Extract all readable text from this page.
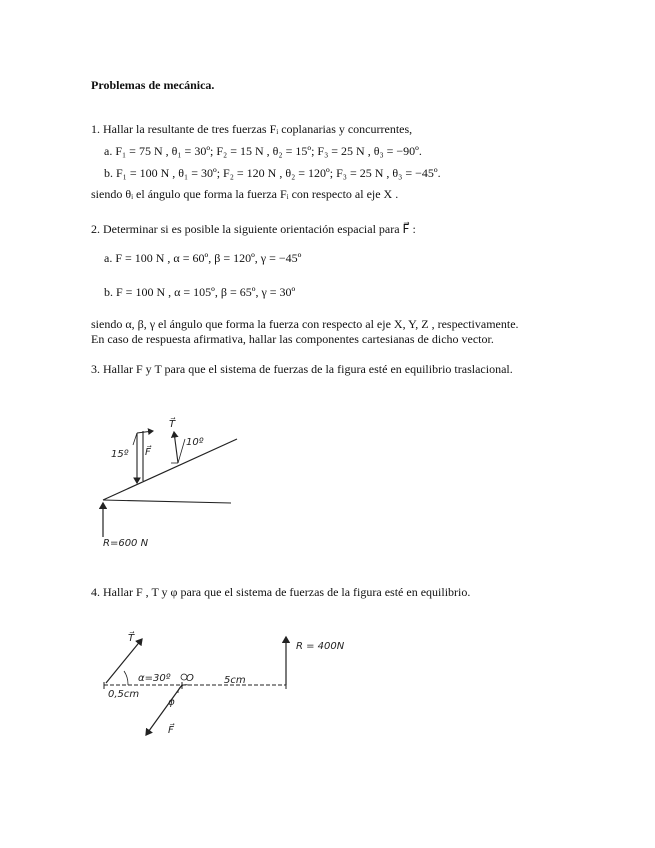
Problemas de mecánica.
1. Hallar la resultante de tres fuerzas Fᵢ coplanarias y concurrentes,
a. F₁ = 75 N , θ₁ = 30º; F₂ = 15 N , θ₂ = 15º; F₃ = 25 N , θ₃ = −90º.
b. F₁ = 100 N , θ₁ = 30º; F₂ = 120 N , θ₂ = 120º; F₃ = 25 N , θ₃ = −45º.
siendo θᵢ el ángulo que forma la fuerza Fᵢ con respecto al eje X .
2. Determinar si es posible la siguiente orientación espacial para F⃗ :
a. F = 100 N , α = 60º, β = 120º, γ = −45º
b. F = 100 N , α = 105º, β = 65º, γ = 30º
siendo α, β, γ el ángulo que forma la fuerza con respecto al eje X, Y, Z , respectivamente.
En caso de respuesta afirmativa, hallar las componentes cartesianas de dicho vector.
3. Hallar F y T para que el sistema de fuerzas de la figura esté en equilibrio traslacional.
15º F⃗
T⃗
10º
R=600 N
4. Hallar F , T y φ para que el sistema de fuerzas de la figura esté en equilibrio.
T⃗
α=30º
0,5cm
O	5cm
φ
F⃗
R = 400N
